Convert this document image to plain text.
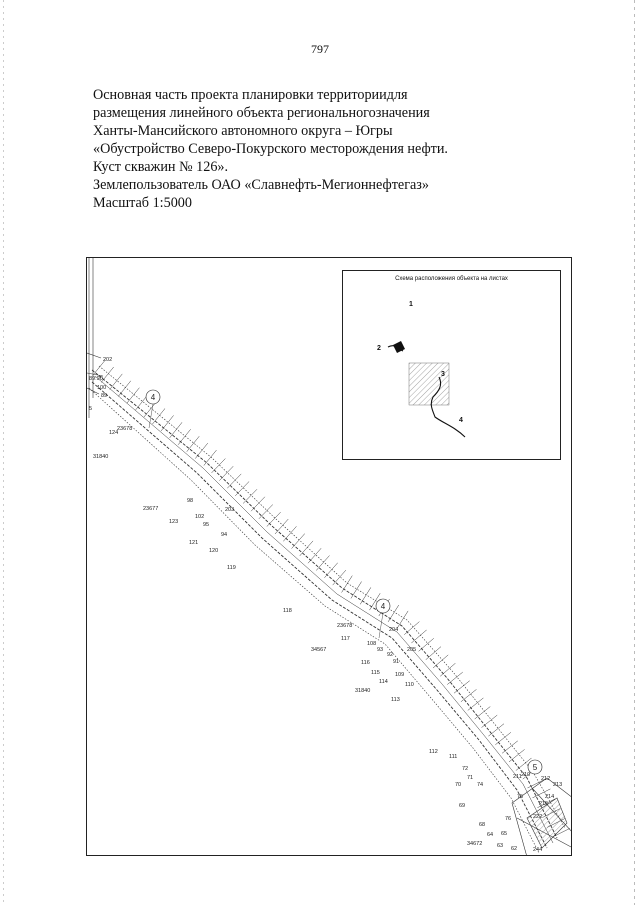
797
Основная часть проекта планировки территориидля
размещения линейного объекта региональногозначения
Ханты-Мансийского автономного округа – Югры
«Обустройство Северо-Покурского месторождения нефти.
Куст скважин № 126».
Землепользователь ОАО «Славнефть-Мегионнефтегаз»
Масштаб 1:5000
4
4
5
202
89:90
100
89
5
124
23678
31840
98
23677
123
102
203
95
94
121
120
119
118
23678
204
34567
117
108
93
92
205
116	91
115	109
114	110
31840
113
112
111
72
71
70	74
69
211 210
212
213
75	214
215
68
76	222
64 65
34672	63 62	244
Схема расположения объекта на листах
1
2
3
4
